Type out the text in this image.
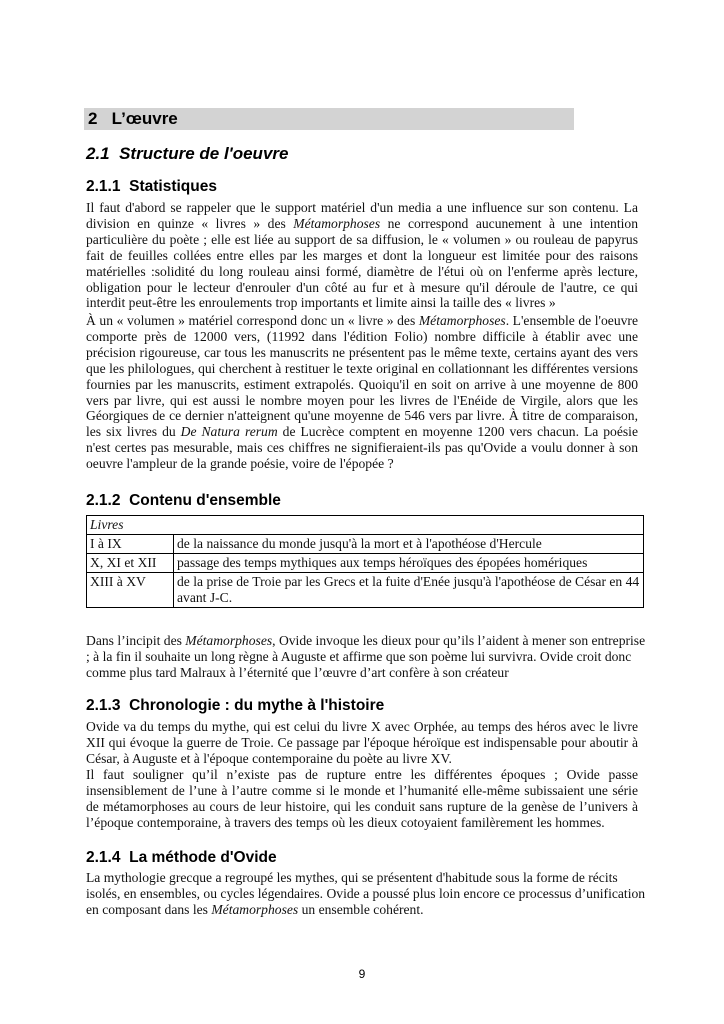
2 L’œuvre
2.1 Structure de l'oeuvre
2.1.1 Statistiques

Il faut d'abord se rappeler que le support matériel d'un media a une influence sur son contenu. La division en quinze « livres » des Métamorphoses ne correspond aucunement à une intention particulière du poète ; elle est liée au support de sa diffusion, le « volumen » ou rouleau de papyrus fait de feuilles collées entre elles par les marges et dont la longueur est limitée pour des raisons matérielles :solidité du long rouleau ainsi formé, diamètre de l'étui où on l'enferme après lecture, obligation pour le lecteur d'enrouler d'un côté au fur et à mesure qu'il déroule de l'autre, ce qui interdit peut-être les enroulements trop importants et limite ainsi la taille des « livres »

À un « volumen » matériel correspond donc un « livre » des Métamorphoses. L'ensemble de l'oeuvre comporte près de 12000 vers, (11992 dans l'édition Folio) nombre difficile à établir avec une précision rigoureuse, car tous les manuscrits ne présentent pas le même texte, certains ayant des vers que les philologues, qui cherchent à restituer le texte original en collationnant les différentes versions fournies par les manuscrits, estiment extrapolés. Quoiqu'il en soit on arrive à une moyenne de 800 vers par livre, qui est aussi le nombre moyen pour les livres de l'Enéide de Virgile, alors que les Géorgiques de ce dernier n'atteignent qu'une moyenne de 546 vers par livre. À titre de comparaison, les six livres du De Natura rerum de Lucrèce comptent en moyenne 1200 vers chacun. La poésie n'est certes pas mesurable, mais ces chiffres ne signifieraient-ils pas qu'Ovide a voulu donner à son oeuvre l'ampleur de la grande poésie, voire de l'épopée ?

2.1.2 Contenu d'ensemble
Livres	
I à IX	de la naissance du monde jusqu'à la mort et à l'apothéose d'Hercule
X, XI et XII	passage des temps mythiques aux temps héroïques des épopées homériques
XIII à XV	de la prise de Troie par les Grecs et la fuite d'Enée jusqu'à l'apothéose de César en 44 avant J-C.

Dans l’incipit des Métamorphoses, Ovide invoque les dieux pour qu’ils l’aident à mener son entreprise ; à la fin il souhaite un long règne à Auguste et affirme que son poème lui survivra. Ovide croit donc comme plus tard Malraux à l’éternité que l’œuvre d’art confère à son créateur

2.1.3 Chronologie : du mythe à l'histoire

Ovide va du temps du mythe, qui est celui du livre X avec Orphée, au temps des héros avec le livre XII qui évoque la guerre de Troie. Ce passage par l'époque héroïque est indispensable pour aboutir à César, à Auguste et à l'époque contemporaine du poète au livre XV.

Il faut souligner qu’il n’existe pas de rupture entre les différentes époques ; Ovide passe insensiblement de l’une à l’autre comme si le monde et l’humanité elle-même subissaient une série de métamorphoses au cours de leur histoire, qui les conduit sans rupture de la genèse de l’univers à l’époque contemporaine, à travers des temps où les dieux cotoyaient familèrement les hommes.

2.1.4 La méthode d'Ovide

La mythologie grecque a regroupé les mythes, qui se présentent d'habitude sous la forme de récits isolés, en ensembles, ou cycles légendaires. Ovide a poussé plus loin encore ce processus d’unification en composant dans les Métamorphoses un ensemble cohérent.

9
